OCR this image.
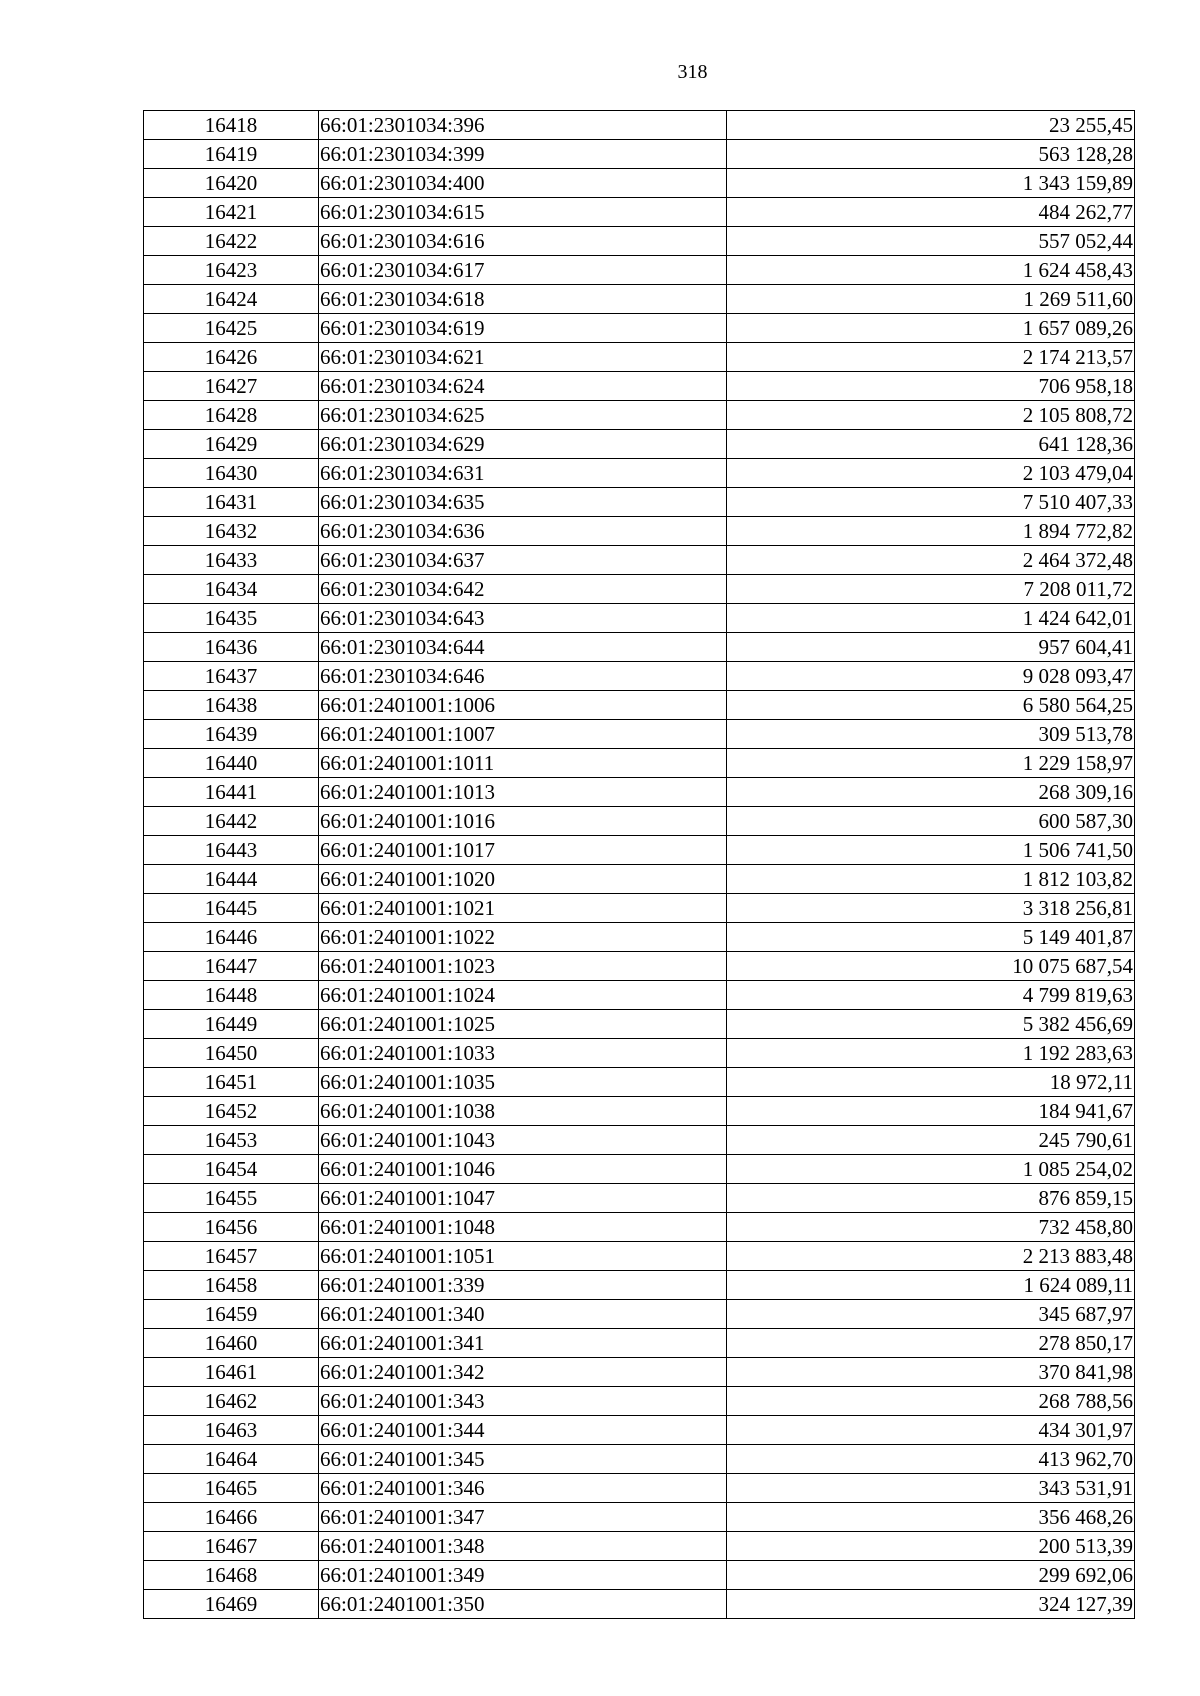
318
16418	66:01:2301034:396	23 255,45
16419	66:01:2301034:399	563 128,28
16420	66:01:2301034:400	1 343 159,89
16421	66:01:2301034:615	484 262,77
16422	66:01:2301034:616	557 052,44
16423	66:01:2301034:617	1 624 458,43
16424	66:01:2301034:618	1 269 511,60
16425	66:01:2301034:619	1 657 089,26
16426	66:01:2301034:621	2 174 213,57
16427	66:01:2301034:624	706 958,18
16428	66:01:2301034:625	2 105 808,72
16429	66:01:2301034:629	641 128,36
16430	66:01:2301034:631	2 103 479,04
16431	66:01:2301034:635	7 510 407,33
16432	66:01:2301034:636	1 894 772,82
16433	66:01:2301034:637	2 464 372,48
16434	66:01:2301034:642	7 208 011,72
16435	66:01:2301034:643	1 424 642,01
16436	66:01:2301034:644	957 604,41
16437	66:01:2301034:646	9 028 093,47
16438	66:01:2401001:1006	6 580 564,25
16439	66:01:2401001:1007	309 513,78
16440	66:01:2401001:1011	1 229 158,97
16441	66:01:2401001:1013	268 309,16
16442	66:01:2401001:1016	600 587,30
16443	66:01:2401001:1017	1 506 741,50
16444	66:01:2401001:1020	1 812 103,82
16445	66:01:2401001:1021	3 318 256,81
16446	66:01:2401001:1022	5 149 401,87
16447	66:01:2401001:1023	10 075 687,54
16448	66:01:2401001:1024	4 799 819,63
16449	66:01:2401001:1025	5 382 456,69
16450	66:01:2401001:1033	1 192 283,63
16451	66:01:2401001:1035	18 972,11
16452	66:01:2401001:1038	184 941,67
16453	66:01:2401001:1043	245 790,61
16454	66:01:2401001:1046	1 085 254,02
16455	66:01:2401001:1047	876 859,15
16456	66:01:2401001:1048	732 458,80
16457	66:01:2401001:1051	2 213 883,48
16458	66:01:2401001:339	1 624 089,11
16459	66:01:2401001:340	345 687,97
16460	66:01:2401001:341	278 850,17
16461	66:01:2401001:342	370 841,98
16462	66:01:2401001:343	268 788,56
16463	66:01:2401001:344	434 301,97
16464	66:01:2401001:345	413 962,70
16465	66:01:2401001:346	343 531,91
16466	66:01:2401001:347	356 468,26
16467	66:01:2401001:348	200 513,39
16468	66:01:2401001:349	299 692,06
16469	66:01:2401001:350	324 127,39
